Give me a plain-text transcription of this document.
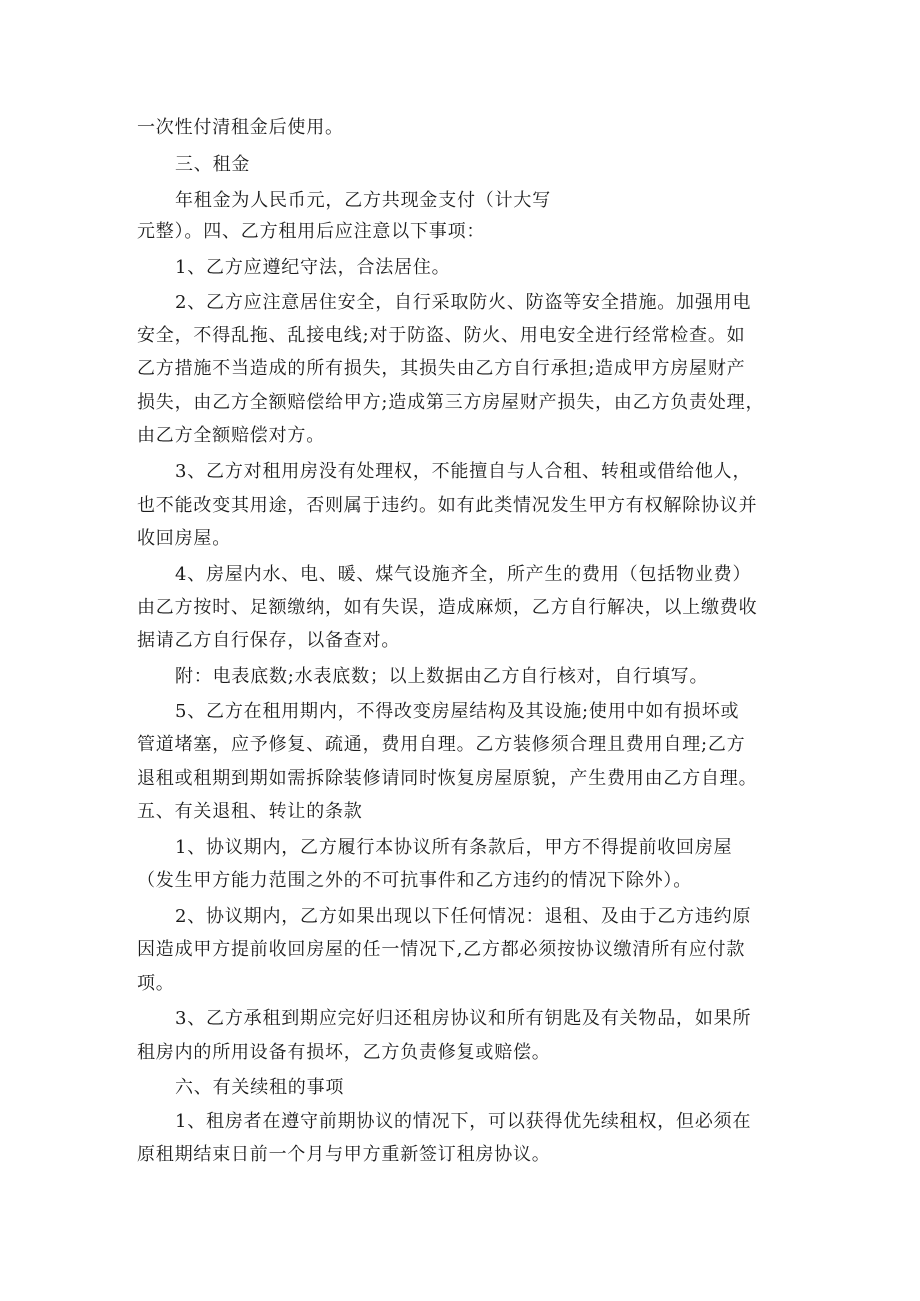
一次性付清租金后使用。

三、租金

年租金为人民币元，乙方共现金支付（计大写

元整）。四、乙方租用后应注意以下事项：

1、乙方应遵纪守法，合法居住。

2、乙方应注意居住安全，自行采取防火、防盗等安全措施。加强用电

安全，不得乱拖、乱接电线;对于防盗、防火、用电安全进行经常检查。如

乙方措施不当造成的所有损失，其损失由乙方自行承担;造成甲方房屋财产

损失，由乙方全额赔偿给甲方;造成第三方房屋财产损失，由乙方负责处理，

由乙方全额赔偿对方。

3、乙方对租用房没有处理权，不能擅自与人合租、转租或借给他人，

也不能改变其用途，否则属于违约。如有此类情况发生甲方有权解除协议并

收回房屋。

4、房屋内水、电、暖、煤气设施齐全，所产生的费用（包括物业费）

由乙方按时、足额缴纳，如有失误，造成麻烦，乙方自行解决，以上缴费收

据请乙方自行保存，以备查对。

附：电表底数;水表底数；以上数据由乙方自行核对，自行填写。

5、乙方在租用期内，不得改变房屋结构及其设施;使用中如有损坏或

管道堵塞，应予修复、疏通，费用自理。乙方装修须合理且费用自理;乙方

退租或租期到期如需拆除装修请同时恢复房屋原貌，产生费用由乙方自理。

五、有关退租、转让的条款

1、协议期内，乙方履行本协议所有条款后，甲方不得提前收回房屋

（发生甲方能力范围之外的不可抗事件和乙方违约的情况下除外）。

2、协议期内，乙方如果出现以下任何情况：退租、及由于乙方违约原

因造成甲方提前收回房屋的任一情况下,乙方都必须按协议缴清所有应付款

项。

3、乙方承租到期应完好归还租房协议和所有钥匙及有关物品，如果所

租房内的所用设备有损坏，乙方负责修复或赔偿。

六、有关续租的事项

1、租房者在遵守前期协议的情况下，可以获得优先续租权，但必须在

原租期结束日前一个月与甲方重新签订租房协议。
